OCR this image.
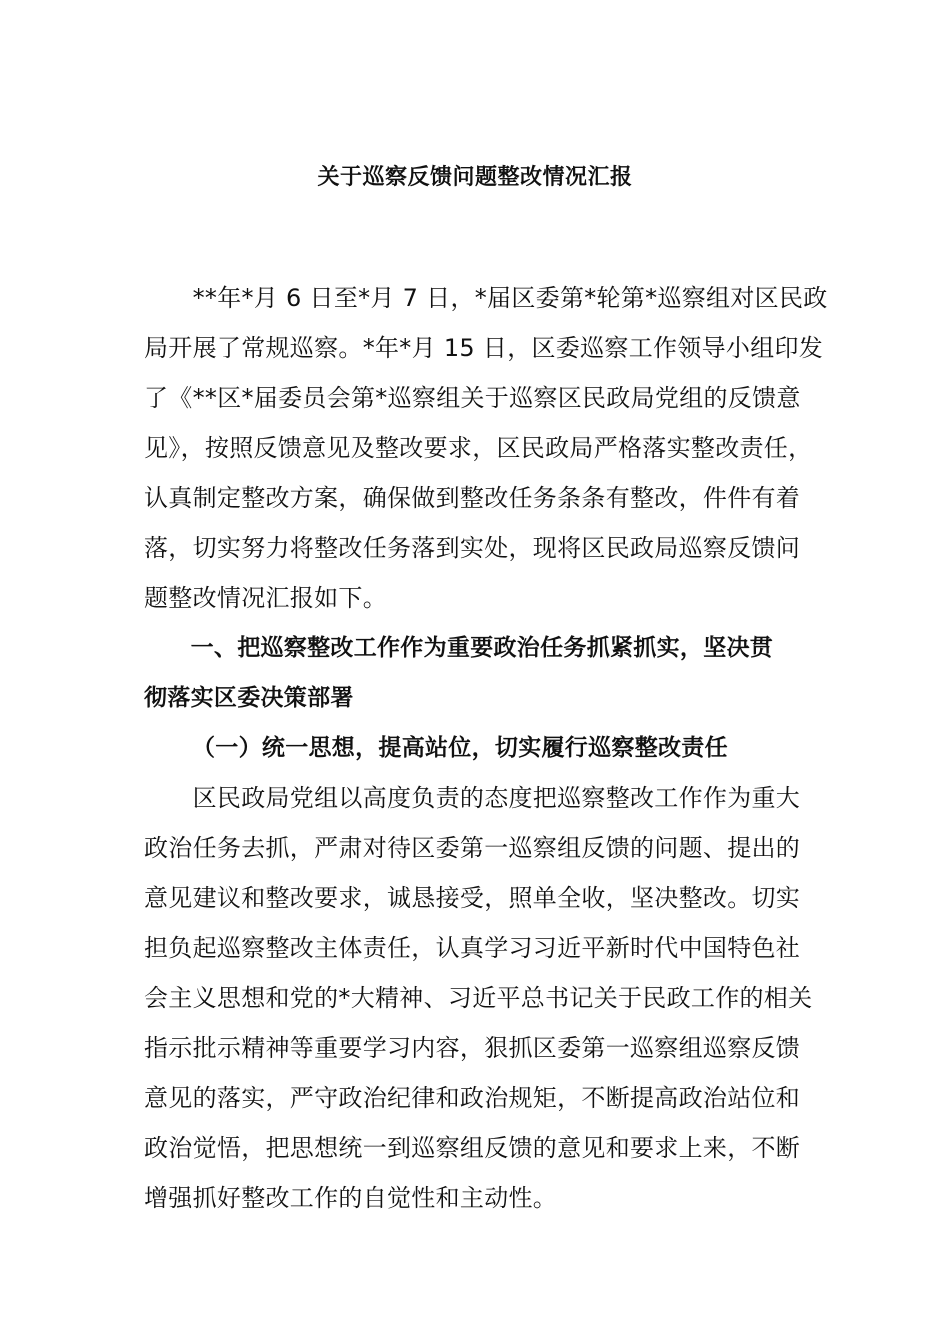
关于巡察反馈问题整改情况汇报
　　**年*月 6 日至*月 7 日，*届区委第*轮第*巡察组对区民政
局开展了常规巡察。*年*月 15 日，区委巡察工作领导小组印发
了《**区*届委员会第*巡察组关于巡察区民政局党组的反馈意
见》，按照反馈意见及整改要求，区民政局严格落实整改责任，
认真制定整改方案，确保做到整改任务条条有整改，件件有着
落，切实努力将整改任务落到实处，现将区民政局巡察反馈问
题整改情况汇报如下。
　　一、把巡察整改工作作为重要政治任务抓紧抓实，坚决贯
彻落实区委决策部署
（一）统一思想，提高站位，切实履行巡察整改责任
　　区民政局党组以高度负责的态度把巡察整改工作作为重大
政治任务去抓，严肃对待区委第一巡察组反馈的问题、提出的
意见建议和整改要求，诚恳接受，照单全收，坚决整改。切实
担负起巡察整改主体责任，认真学习习近平新时代中国特色社
会主义思想和党的*大精神、习近平总书记关于民政工作的相关
指示批示精神等重要学习内容，狠抓区委第一巡察组巡察反馈
意见的落实，严守政治纪律和政治规矩，不断提高政治站位和
政治觉悟，把思想统一到巡察组反馈的意见和要求上来，不断
增强抓好整改工作的自觉性和主动性。
